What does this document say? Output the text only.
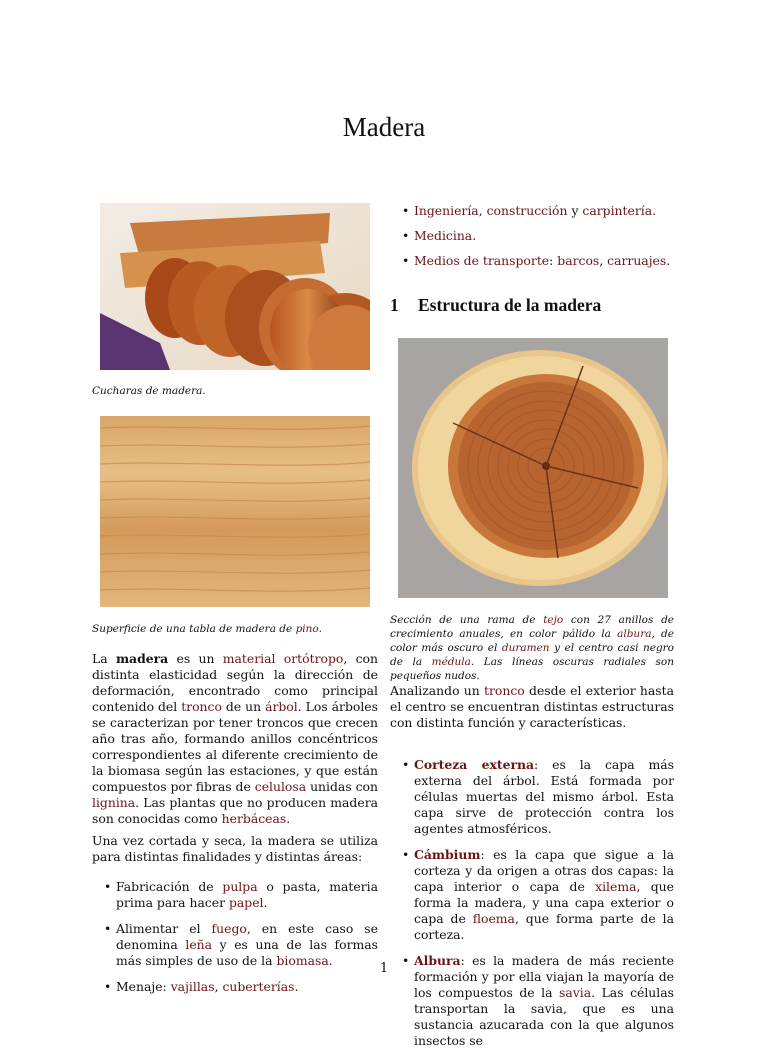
Madera
Cucharas de madera.
Superficie de una tabla de madera de pino.

La madera es un material ortótropo, con distinta elasticidad según la dirección de deformación, encontrado como principal contenido del tronco de un árbol. Los árboles se caracterizan por tener troncos que crecen año tras año, formando anillos concéntricos correspondientes al diferente crecimiento de la biomasa según las estaciones, y que están compuestos por fibras de celulosa unidas con lignina. Las plantas que no producen madera son conocidas como herbáceas.

Una vez cortada y seca, la madera se utiliza para distintas finalidades y distintas áreas:

• Fabricación de pulpa o pasta, materia prima para hacer papel.
• Alimentar el fuego, en este caso se denomina leña y es una de las formas más simples de uso de la biomasa.
• Menaje: vajillas, cuberterías.
• Ingeniería, construcción y carpintería.
• Medicina.
• Medios de transporte: barcos, carruajes.
1 Estructura de la madera
Sección de una rama de tejo con 27 anillos de crecimiento anuales, en color pálido la albura, de color más oscuro el duramen y el centro casi negro de la médula. Las líneas oscuras radiales son pequeños nudos.

Analizando un tronco desde el exterior hasta el centro se encuentran distintas estructuras con distinta función y características.

• Corteza externa: es la capa más externa del árbol. Está formada por células muertas del mismo árbol. Esta capa sirve de protección contra los agentes atmosféricos.
• Cámbium: es la capa que sigue a la corteza y da origen a otras dos capas: la capa interior o capa de xilema, que forma la madera, y una capa exterior o capa de floema, que forma parte de la corteza.
• Albura: es la madera de más reciente formación y por ella viajan la mayoría de los compuestos de la savia. Las células transportan la savia, que es una sustancia azucarada con la que algunos insectos se
1
